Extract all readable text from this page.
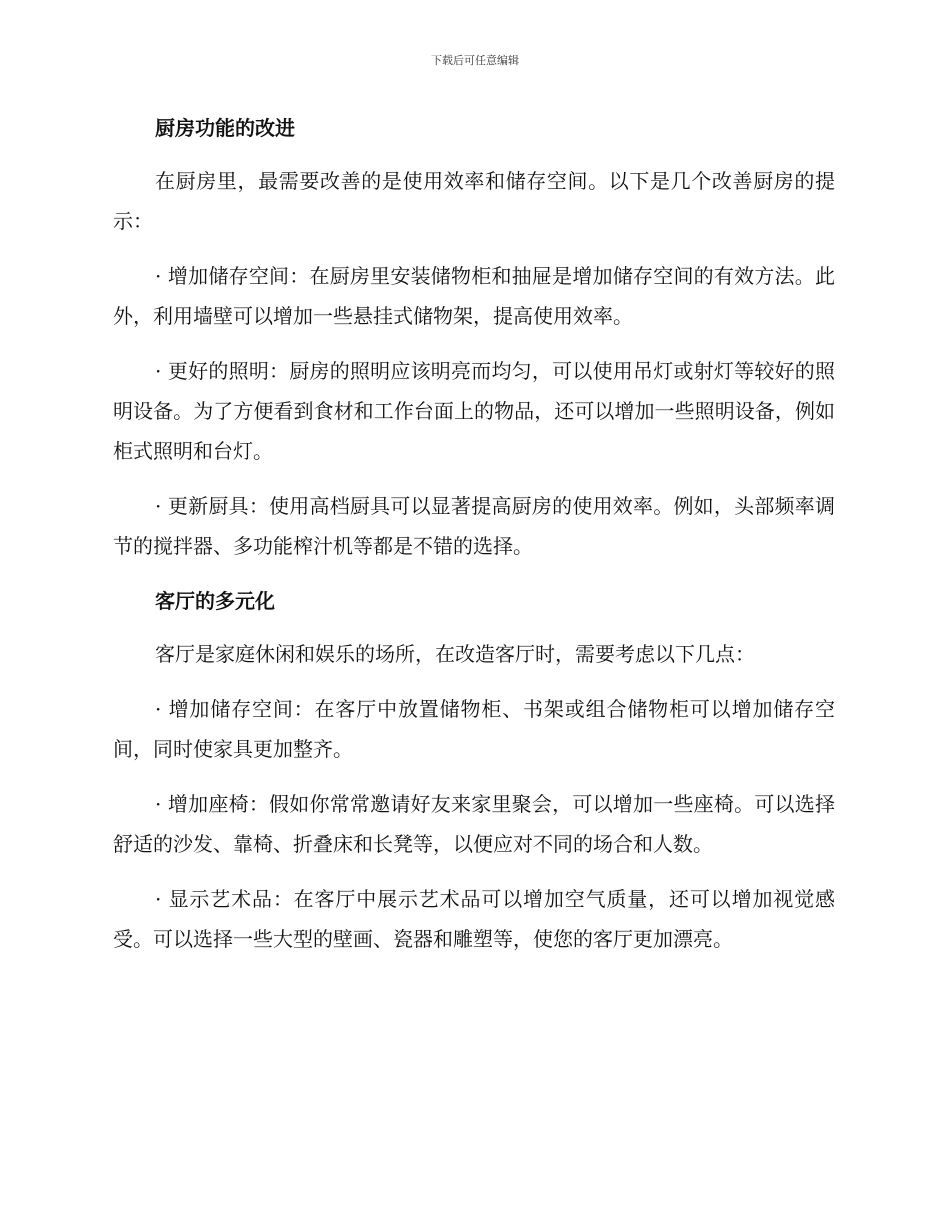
下载后可任意编辑
厨房功能的改进

在厨房里，最需要改善的是使用效率和储存空间。以下是几个改善厨房的提示：

· 增加储存空间：在厨房里安装储物柜和抽屉是增加储存空间的有效方法。此外，利用墙壁可以增加一些悬挂式储物架，提高使用效率。

· 更好的照明：厨房的照明应该明亮而均匀，可以使用吊灯或射灯等较好的照明设备。为了方便看到食材和工作台面上的物品，还可以增加一些照明设备，例如柜式照明和台灯。

· 更新厨具：使用高档厨具可以显著提高厨房的使用效率。例如，头部频率调节的搅拌器、多功能榨汁机等都是不错的选择。

客厅的多元化

客厅是家庭休闲和娱乐的场所，在改造客厅时，需要考虑以下几点：

· 增加储存空间：在客厅中放置储物柜、书架或组合储物柜可以增加储存空间，同时使家具更加整齐。

· 增加座椅：假如你常常邀请好友来家里聚会，可以增加一些座椅。可以选择舒适的沙发、靠椅、折叠床和长凳等，以便应对不同的场合和人数。

· 显示艺术品：在客厅中展示艺术品可以增加空气质量，还可以增加视觉感受。可以选择一些大型的壁画、瓷器和雕塑等，使您的客厅更加漂亮。
